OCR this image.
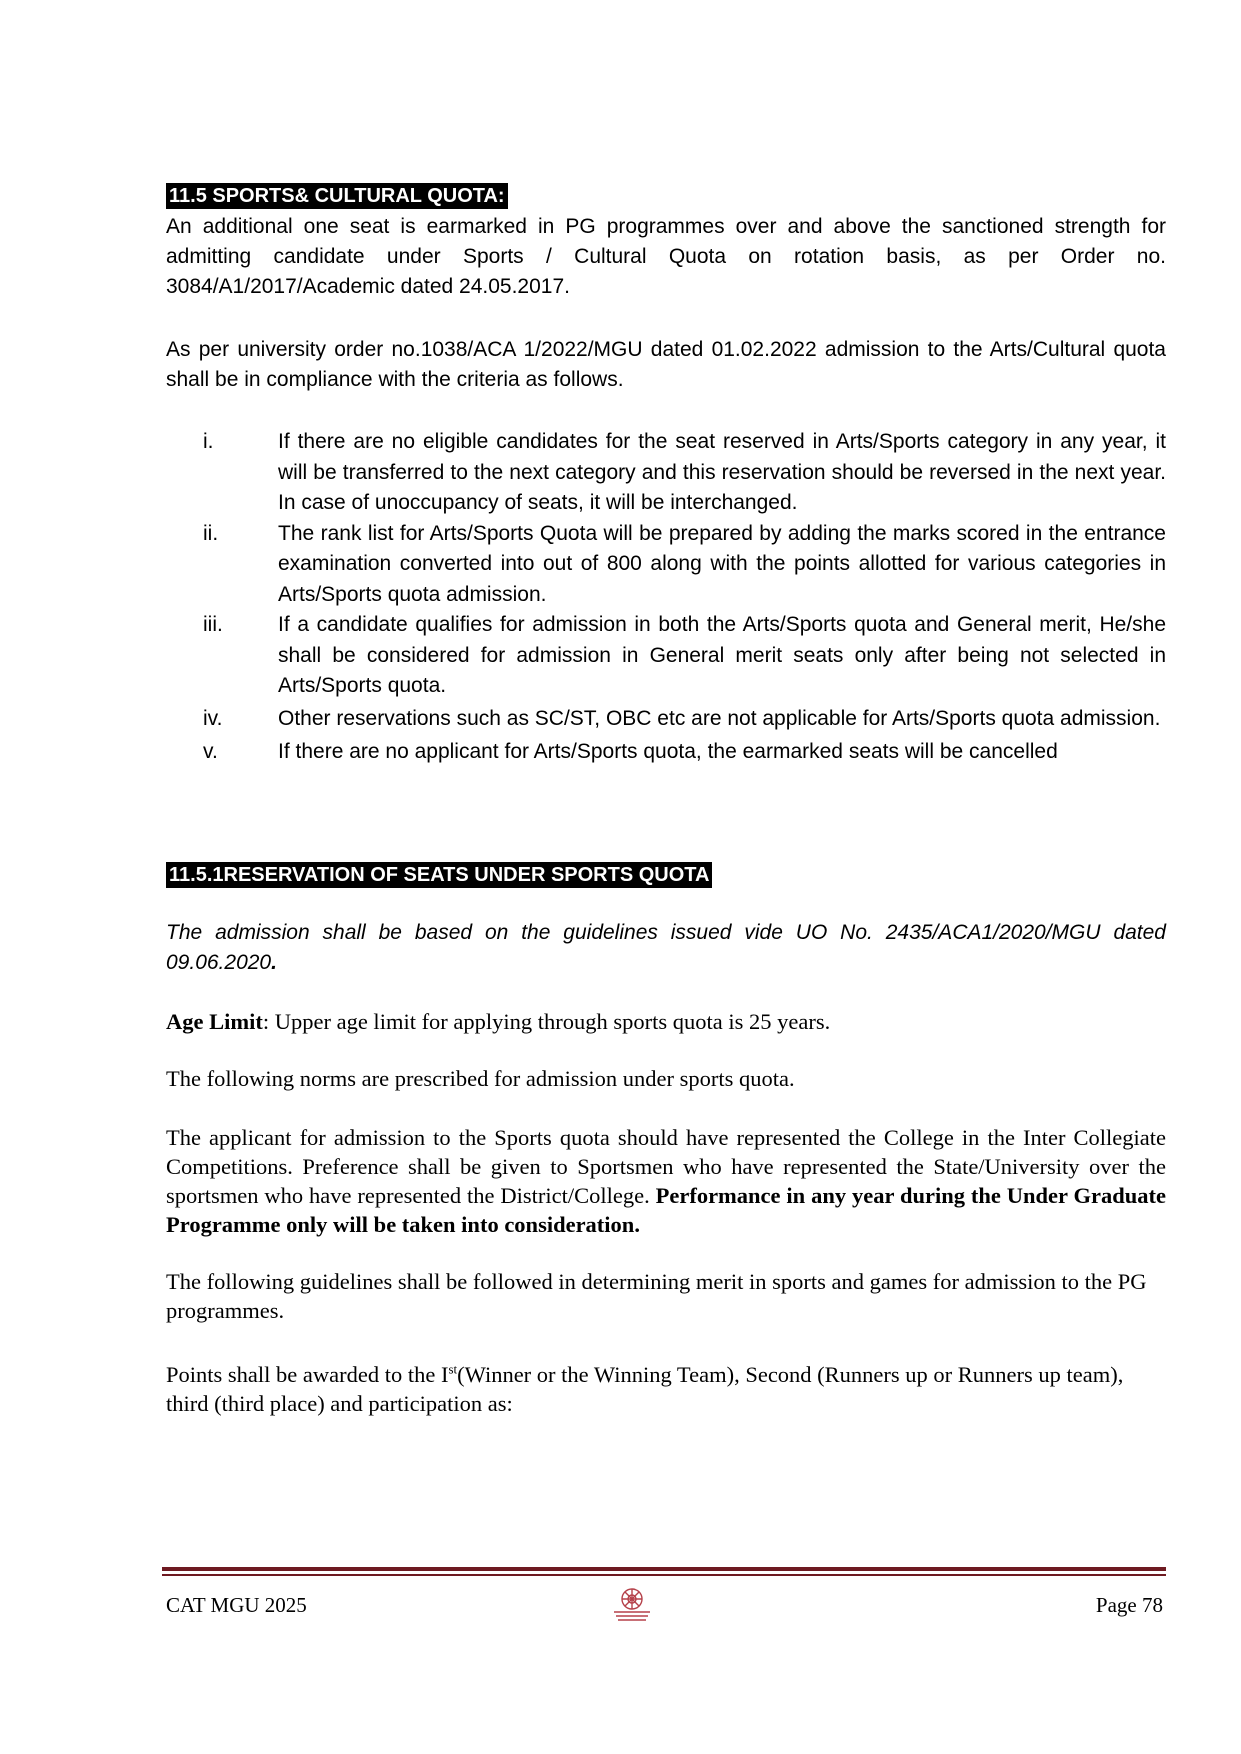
11.5 SPORTS& CULTURAL QUOTA:
An additional one seat is earmarked in PG programmes over and above the sanctioned strength for admitting candidate under Sports / Cultural Quota on rotation basis, as per Order no. 3084/A1/2017/Academic dated 24.05.2017.
As per university order no.1038/ACA 1/2022/MGU dated 01.02.2022 admission to the Arts/Cultural quota shall be in compliance with the criteria as follows.
i.	If there are no eligible candidates for the seat reserved in Arts/Sports category in any year, it will be transferred to the next category and this reservation should be reversed in the next year. In case of unoccupancy of seats, it will be interchanged.
ii.	The rank list for Arts/Sports Quota will be prepared by adding the marks scored in the entrance examination converted into out of 800 along with the points allotted for various categories in Arts/Sports quota admission.
iii.	If a candidate qualifies for admission in both the Arts/Sports quota and General merit, He/she shall be considered for admission in General merit seats only after being not selected in Arts/Sports quota.
iv.	Other reservations such as SC/ST, OBC etc are not applicable for Arts/Sports quota admission.
v.	If there are no applicant for Arts/Sports quota, the earmarked seats will be cancelled
11.5.1RESERVATION OF SEATS UNDER SPORTS QUOTA
The admission shall be based on the guidelines issued vide UO No. 2435/ACA1/2020/MGU dated 09.06.2020.
Age Limit: Upper age limit for applying through sports quota is 25 years.
The following norms are prescribed for admission under sports quota.
The applicant for admission to the Sports quota should have represented the College in the Inter Collegiate Competitions. Preference shall be given to Sportsmen who have represented the State/University over the sportsmen who have represented the District/College. Performance in any year during the Under Graduate Programme only will be taken into consideration.
The following guidelines shall be followed in determining merit in sports and games for admission to the PG programmes.
Points shall be awarded to the Ist(Winner or the Winning Team), Second (Runners up or Runners up team), third (third place) and participation as:
CAT MGU 2025	Page 78
